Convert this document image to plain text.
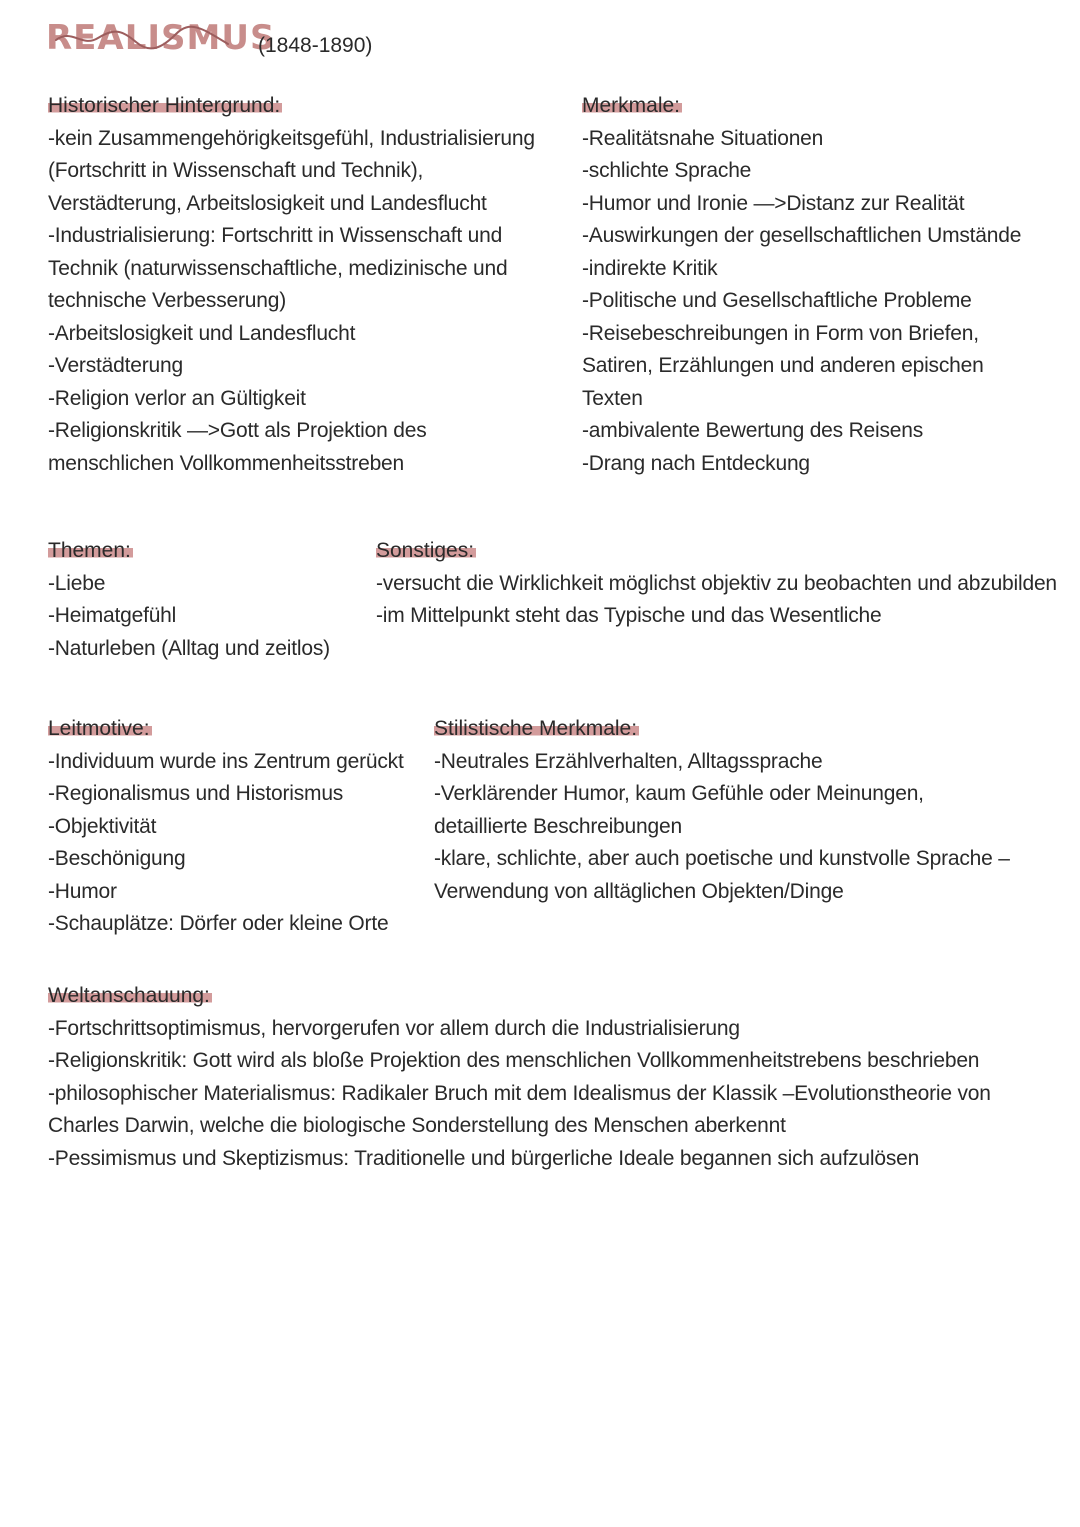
REALISMUS
(1848-1890)
Historischer Hintergrund:
-kein Zusammengehörigkeitsgefühl, Industrialisierung (Fortschritt in Wissenschaft und Technik), Verstädterung, Arbeitslosigkeit und Landesflucht
-Industrialisierung: Fortschritt in Wissenschaft und Technik (naturwissenschaftliche, medizinische und technische Verbesserung)
-Arbeitslosigkeit und Landesflucht
-Verstädterung
-Religion verlor an Gültigkeit
-Religionskritik —>Gott als Projektion des menschlichen Vollkommenheitsstreben
Merkmale:
-Realitätsnahe Situationen
-schlichte Sprache
-Humor und Ironie —>Distanz zur Realität
-Auswirkungen der gesellschaftlichen Umstände
-indirekte Kritik
-Politische und Gesellschaftliche Probleme
-Reisebeschreibungen in Form von Briefen, Satiren, Erzählungen und anderen epischen Texten
-ambivalente Bewertung des Reisens
-Drang nach Entdeckung
Themen:
-Liebe
-Heimatgefühl
-Naturleben (Alltag und zeitlos)
Sonstiges:
-versucht die Wirklichkeit möglichst objektiv zu beobachten und abzubilden
-im Mittelpunkt steht das Typische und das Wesentliche
Leitmotive:
-Individuum wurde ins Zentrum gerückt
-Regionalismus und Historismus
-Objektivität
-Beschönigung
-Humor
-Schauplätze: Dörfer oder kleine Orte
Stilistische Merkmale:
-Neutrales Erzählverhalten, Alltagssprache
-Verklärender Humor, kaum Gefühle oder Meinungen, detaillierte Beschreibungen
-klare, schlichte, aber auch poetische und kunstvolle Sprache – Verwendung von alltäglichen Objekten/Dinge
Weltanschauung:
-Fortschrittsoptimismus, hervorgerufen vor allem durch die Industrialisierung
-Religionskritik: Gott wird als bloße Projektion des menschlichen Vollkommenheitstrebens beschrieben
-philosophischer Materialismus: Radikaler Bruch mit dem Idealismus der Klassik –Evolutionstheorie von Charles Darwin, welche die biologische Sonderstellung des Menschen aberkennt
-Pessimismus und Skeptizismus: Traditionelle und bürgerliche Ideale begannen sich aufzulösen
